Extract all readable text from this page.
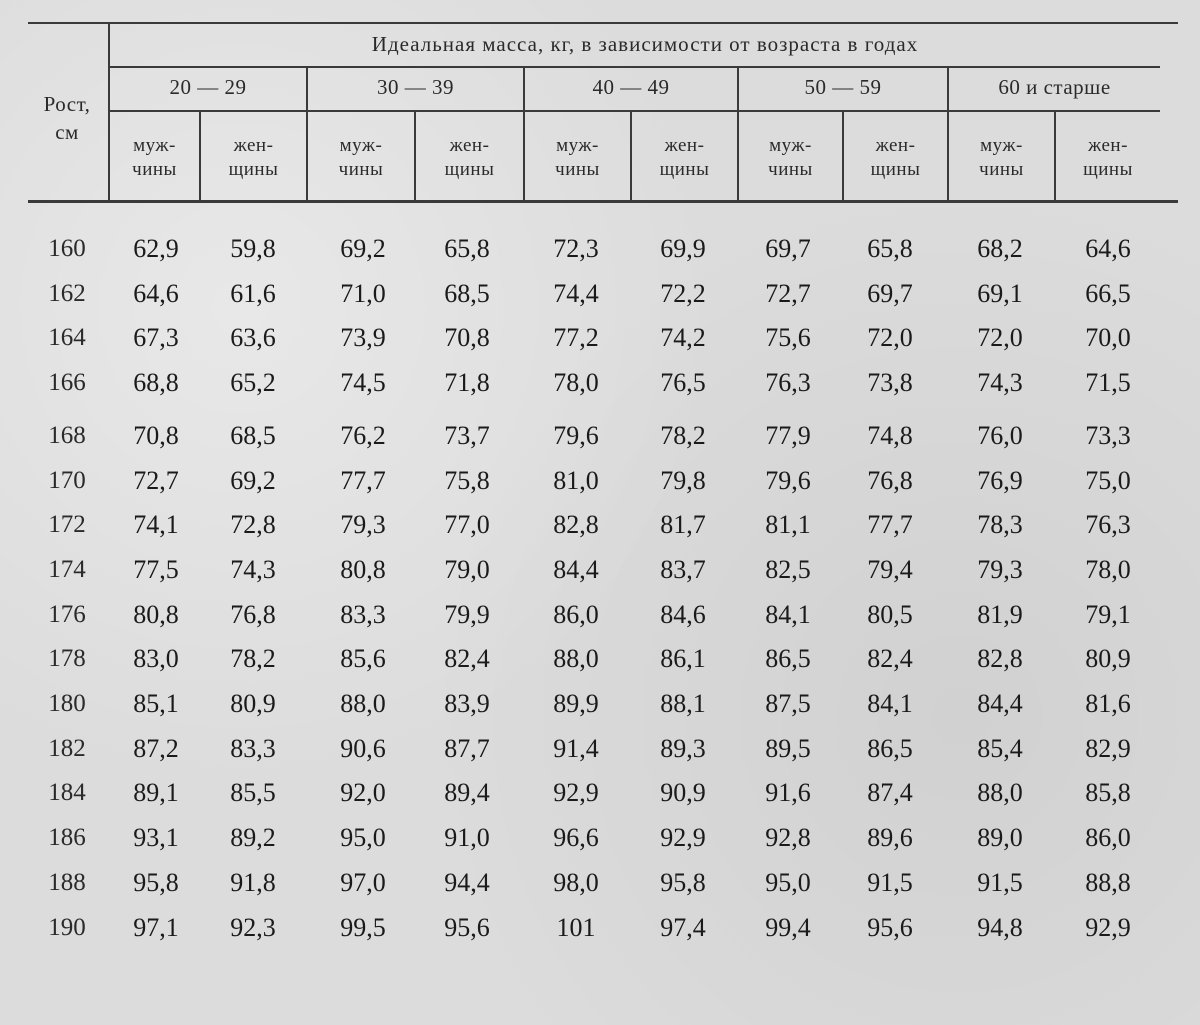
Идеальная масса, кг, в зависимости от возраста в годах
Рост,
см
20 — 29	30 — 39	40 — 49	50 — 59	60 и старше
муж-
чины
жен-
щины
муж-
чины
жен-
щины
муж-
чины
жен-
щины
муж-
чины
жен-
щины
муж-
чины
жен-
щины
160	62,9	59,8	69,2	65,8	72,3	69,9	69,7	65,8	68,2	64,6
162	64,6	61,6	71,0	68,5	74,4	72,2	72,7	69,7	69,1	66,5
164	67,3	63,6	73,9	70,8	77,2	74,2	75,6	72,0	72,0	70,0
166	68,8	65,2	74,5	71,8	78,0	76,5	76,3	73,8	74,3	71,5
168	70,8	68,5	76,2	73,7	79,6	78,2	77,9	74,8	76,0	73,3
170	72,7	69,2	77,7	75,8	81,0	79,8	79,6	76,8	76,9	75,0
172	74,1	72,8	79,3	77,0	82,8	81,7	81,1	77,7	78,3	76,3
174	77,5	74,3	80,8	79,0	84,4	83,7	82,5	79,4	79,3	78,0
176	80,8	76,8	83,3	79,9	86,0	84,6	84,1	80,5	81,9	79,1
178	83,0	78,2	85,6	82,4	88,0	86,1	86,5	82,4	82,8	80,9
180	85,1	80,9	88,0	83,9	89,9	88,1	87,5	84,1	84,4	81,6
182	87,2	83,3	90,6	87,7	91,4	89,3	89,5	86,5	85,4	82,9
184	89,1	85,5	92,0	89,4	92,9	90,9	91,6	87,4	88,0	85,8
186	93,1	89,2	95,0	91,0	96,6	92,9	92,8	89,6	89,0	86,0
188	95,8	91,8	97,0	94,4	98,0	95,8	95,0	91,5	91,5	88,8
190	97,1	92,3	99,5	95,6	101	97,4	99,4	95,6	94,8	92,9
